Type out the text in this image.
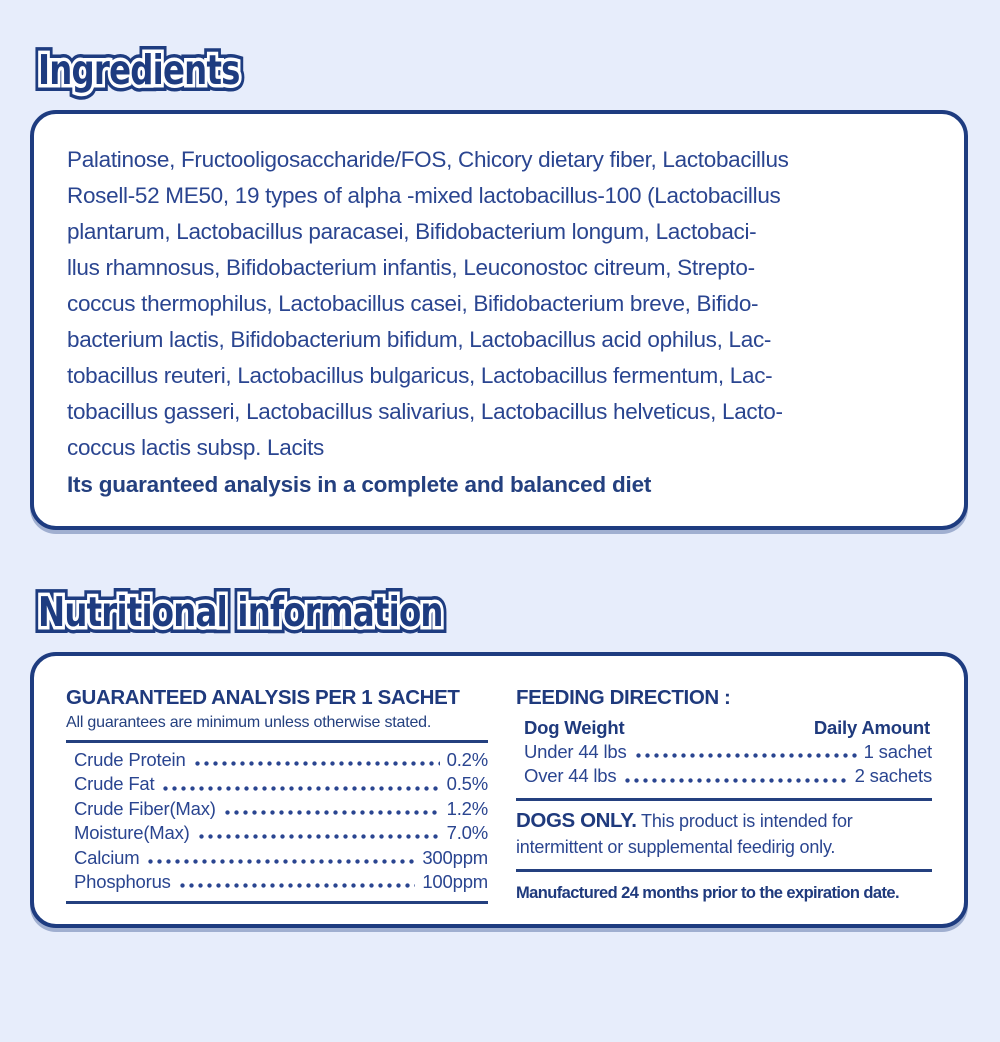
Ingredients Ingredients Ingredients
Palatinose, Fructooligosaccharide/FOS, Chicory dietary fiber, Lactobacillus
Rosell-52 ME50, 19 types of alpha -mixed lactobacillus-100 (Lactobacillus
plantarum, Lactobacillus paracasei, Bifidobacterium longum, Lactobaci-
llus rhamnosus, Bifidobacterium infantis, Leuconostoc citreum, Strepto-
coccus thermophilus, Lactobacillus casei, Bifidobacterium breve, Bifido-
bacterium lactis, Bifidobacterium bifidum, Lactobacillus acid ophilus, Lac-
tobacillus reuteri, Lactobacillus bulgaricus, Lactobacillus fermentum, Lac-
tobacillus gasseri, Lactobacillus salivarius, Lactobacillus helveticus, Lacto-
coccus lactis subsp. Lacits
Its guaranteed analysis in a complete and balanced diet
Nutritional information Nutritional information Nutritional information
GUARANTEED ANALYSIS PER 1 SACHET
All guarantees are minimum unless otherwise stated.
Crude Protein	0.2%
Crude Fat	0.5%
Crude Fiber(Max)	1.2%
Moisture(Max)	7.0%
Calcium	300ppm
Phosphorus	100ppm
FEEDING DIRECTION :
Dog Weight	Daily Amount
Under 44 lbs	1 sachet
Over 44 lbs	2 sachets
DOGS ONLY. This product is intended for intermittent or supplemental feedirig only.
Manufactured 24 months prior to the expiration date.
